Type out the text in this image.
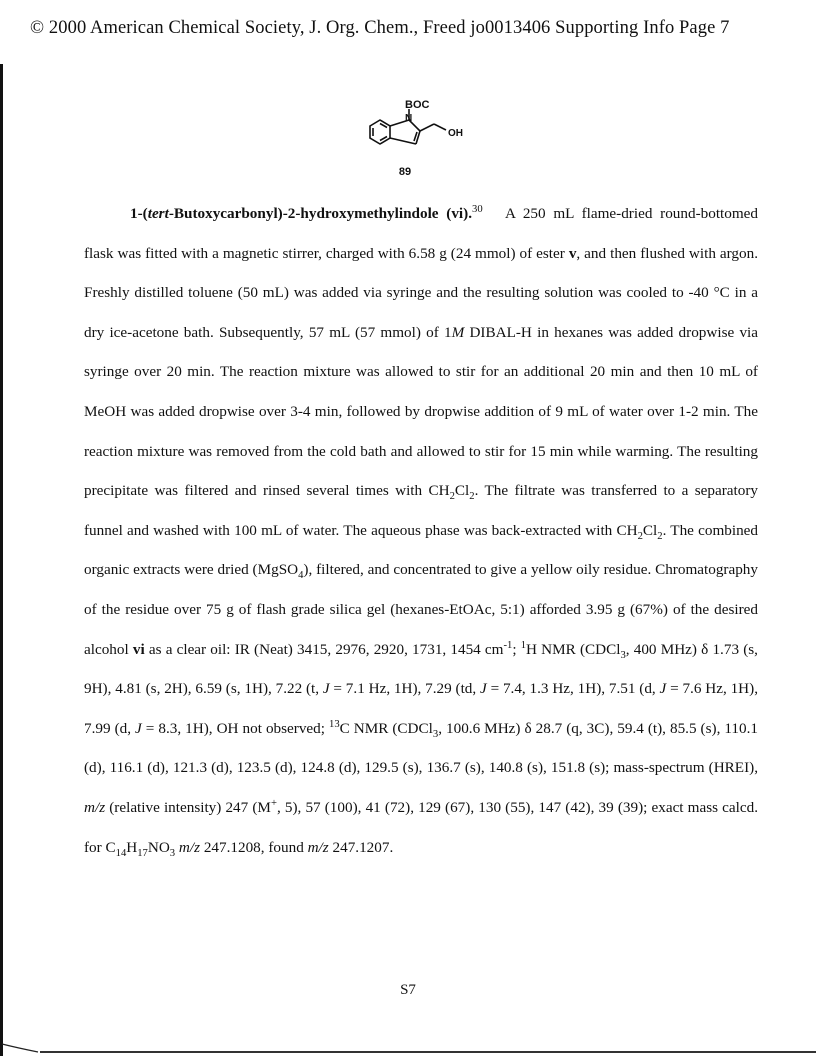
© 2000 American Chemical Society, J. Org. Chem., Freed jo0013406 Supporting Info Page 7
BOC
N
OH
89

1-(tert-Butoxycarbonyl)-2-hydroxymethylindole (vi).$^{30}$ A 250 mL flame-dried round-bottomed flask was fitted with a magnetic stirrer, charged with 6.58 g (24 mmol) of ester v, and then flushed with argon. Freshly distilled toluene (50 mL) was added via syringe and the resulting solution was cooled to -40 °C in a dry ice-acetone bath. Subsequently, 57 mL (57 mmol) of 1M DIBAL-H in hexanes was added dropwise via syringe over 20 min. The reaction mixture was allowed to stir for an additional 20 min and then 10 mL of MeOH was added dropwise over 3-4 min, followed by dropwise addition of 9 mL of water over 1-2 min. The reaction mixture was removed from the cold bath and allowed to stir for 15 min while warming. The resulting precipitate was filtered and rinsed several times with $CH_2Cl_2$. The filtrate was transferred to a separatory funnel and washed with 100 mL of water. The aqueous phase was back-extracted with $CH_2Cl_2$. The combined organic extracts were dried (MgSO$_4$), filtered, and concentrated to give a yellow oily residue. Chromatography of the residue over 75 g of flash grade silica gel (hexanes-EtOAc, 5:1) afforded 3.95 g (67%) of the desired alcohol vi as a clear oil: IR (Neat) 3415, 2976, 2920, 1731, 1454 $cm^{-1}$; $^1$H NMR (CDCl$_3$, 400 MHz) δ 1.73 (s, 9H), 4.81 (s, 2H), 6.59 (s, 1H), 7.22 (t, J = 7.1 Hz, 1H), 7.29 (td, J = 7.4, 1.3 Hz, 1H), 7.51 (d, J = 7.6 Hz, 1H), 7.99 (d, J = 8.3, 1H), OH not observed; $^{13}$C NMR (CDCl$_3$, 100.6 MHz) δ 28.7 (q, 3C), 59.4 (t), 85.5 (s), 110.1 (d), 116.1 (d), 121.3 (d), 123.5 (d), 124.8 (d), 129.5 (s), 136.7 (s), 140.8 (s), 151.8 (s); mass-spectrum (HREI), m/z (relative intensity) 247 (M+, 5), 57 (100), 41 (72), 129 (67), 130 (55), 147 (42), 39 (39); exact mass calcd. for $C_{14}H_{17}NO_3$ m/z 247.1208, found m/z 247.1207.

S7
